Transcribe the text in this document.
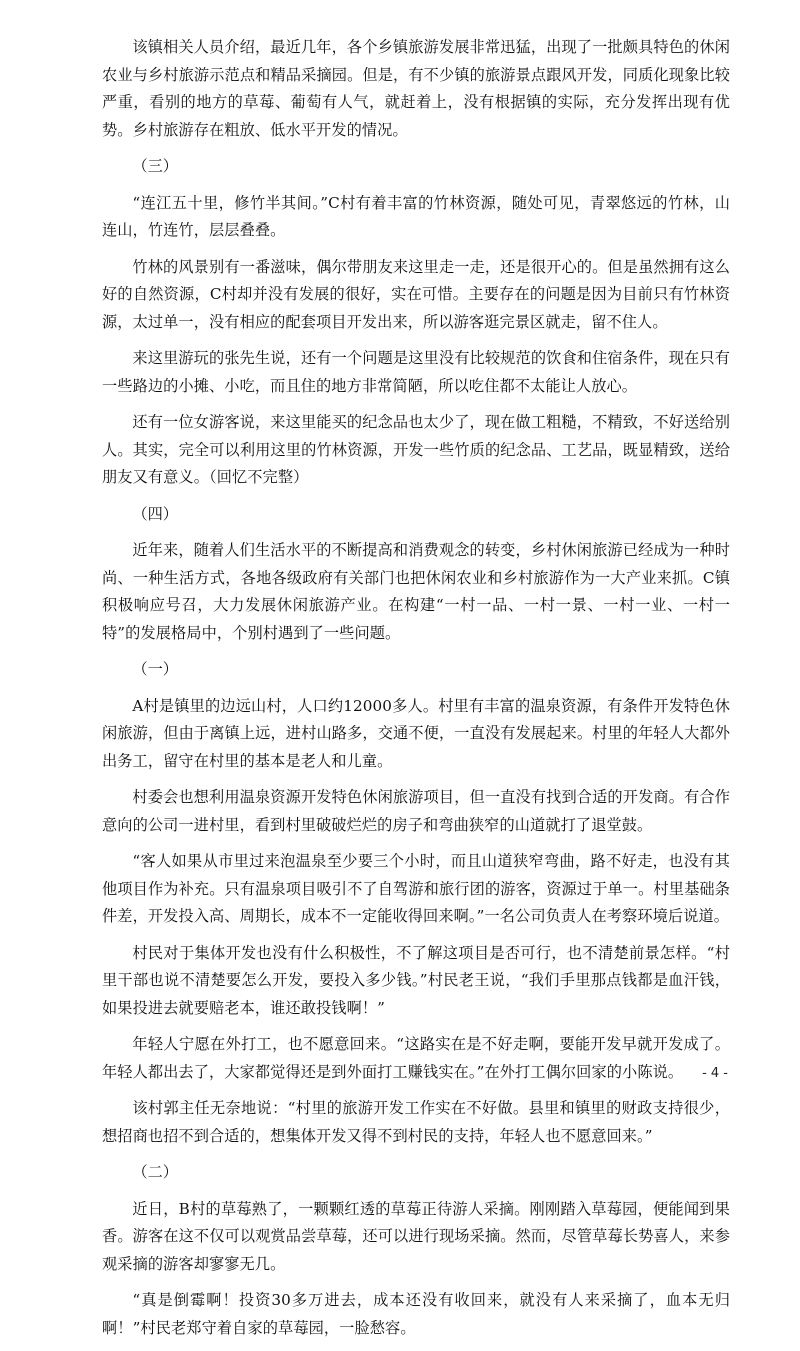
该镇相关人员介绍，最近几年，各个乡镇旅游发展非常迅猛，出现了一批颇具特色的休闲农业与乡村旅游示范点和精品采摘园。但是，有不少镇的旅游景点跟风开发，同质化现象比较严重，看别的地方的草莓、葡萄有人气，就赶着上，没有根据镇的实际，充分发挥出现有优势。乡村旅游存在粗放、低水平开发的情况。

（三）

“连江五十里，修竹半其间。”C村有着丰富的竹林资源，随处可见，青翠悠远的竹林，山连山，竹连竹，层层叠叠。

竹林的风景别有一番滋味，偶尔带朋友来这里走一走，还是很开心的。但是虽然拥有这么好的自然资源，C村却并没有发展的很好，实在可惜。主要存在的问题是因为目前只有竹林资源，太过单一，没有相应的配套项目开发出来，所以游客逛完景区就走，留不住人。

来这里游玩的张先生说，还有一个问题是这里没有比较规范的饮食和住宿条件，现在只有一些路边的小摊、小吃，而且住的地方非常简陋，所以吃住都不太能让人放心。

还有一位女游客说，来这里能买的纪念品也太少了，现在做工粗糙，不精致，不好送给别人。其实，完全可以利用这里的竹林资源，开发一些竹质的纪念品、工艺品，既显精致，送给朋友又有意义。（回忆不完整）

（四）

近年来，随着人们生活水平的不断提高和消费观念的转变，乡村休闲旅游已经成为一种时尚、一种生活方式，各地各级政府有关部门也把休闲农业和乡村旅游作为一大产业来抓。C镇积极响应号召，大力发展休闲旅游产业。在构建“一村一品、一村一景、一村一业、一村一特”的发展格局中，个别村遇到了一些问题。

（一）

A村是镇里的边远山村，人口约12000多人。村里有丰富的温泉资源，有条件开发特色休闲旅游，但由于离镇上远，进村山路多，交通不便，一直没有发展起来。村里的年轻人大都外出务工，留守在村里的基本是老人和儿童。

村委会也想利用温泉资源开发特色休闲旅游项目，但一直没有找到合适的开发商。有合作意向的公司一进村里，看到村里破破烂烂的房子和弯曲狭窄的山道就打了退堂鼓。

“客人如果从市里过来泡温泉至少要三个小时，而且山道狭窄弯曲，路不好走，也没有其他项目作为补充。只有温泉项目吸引不了自驾游和旅行团的游客，资源过于单一。村里基础条件差，开发投入高、周期长，成本不一定能收得回来啊。”一名公司负责人在考察环境后说道。

村民对于集体开发也没有什么积极性，不了解这项目是否可行，也不清楚前景怎样。“村里干部也说不清楚要怎么开发，要投入多少钱。”村民老王说，“我们手里那点钱都是血汗钱，如果投进去就要赔老本，谁还敢投钱啊！”

年轻人宁愿在外打工，也不愿意回来。“这路实在是不好走啊，要能开发早就开发成了。年轻人都出去了，大家都觉得还是到外面打工赚钱实在。”在外打工偶尔回家的小陈说。

该村郭主任无奈地说：“村里的旅游开发工作实在不好做。县里和镇里的财政支持很少，想招商也招不到合适的，想集体开发又得不到村民的支持，年轻人也不愿意回来。”

（二）

近日，B村的草莓熟了，一颗颗红透的草莓正待游人采摘。刚刚踏入草莓园，便能闻到果香。游客在这不仅可以观赏品尝草莓，还可以进行现场采摘。然而，尽管草莓长势喜人，来参观采摘的游客却寥寥无几。

“真是倒霉啊！投资30多万进去，成本还没有收回来，就没有人来采摘了，血本无归啊！”村民老郑守着自家的草莓园，一脸愁容。

- 4 -
